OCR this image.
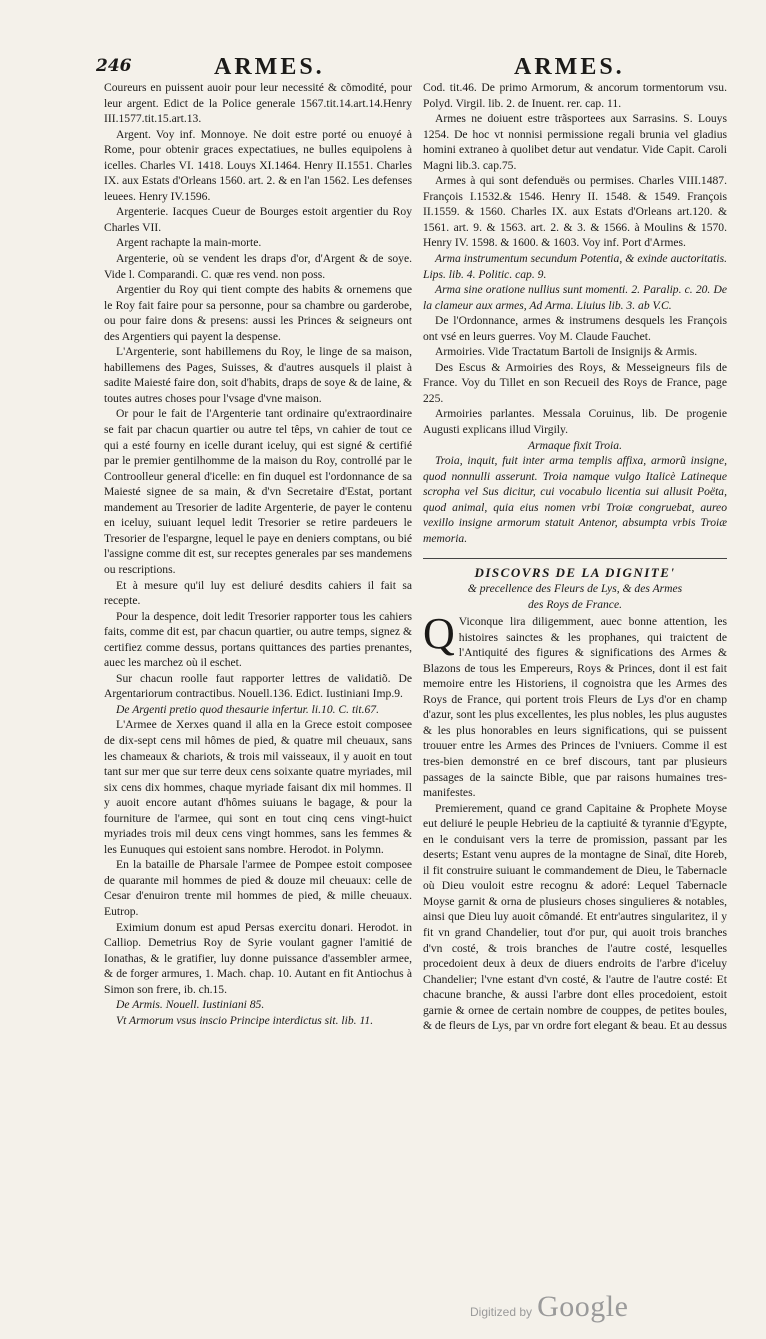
246	ARMES.	ARMES.

Coureurs en puissent auoir pour leur necessité & cõmodité, pour leur argent. Edict de la Police generale 1567.tit.14.art.14.Henry III.1577.tit.15.art.13.

Argent. Voy inf. Monnoye. Ne doit estre porté ou enuoyé à Rome, pour obtenir graces expectatiues, ne bulles equipolens à icelles. Charles VI. 1418. Louys XI.1464. Henry II.1551. Charles IX. aux Estats d'Orleans 1560. art. 2. & en l'an 1562. Les defenses leuees. Henry IV.1596.

Argenterie. Iacques Cueur de Bourges estoit argentier du Roy Charles VII.

Argent rachapte la main-morte.

Argenterie, où se vendent les draps d'or, d'Argent & de soye. Vide l. Comparandi. C. quæ res vend. non poss.

Argentier du Roy qui tient compte des habits & ornemens que le Roy fait faire pour sa personne, pour sa chambre ou garderobe, ou pour faire dons & presens: aussi les Princes & seigneurs ont des Argentiers qui payent la despense.

L'Argenterie, sont habillemens du Roy, le linge de sa maison, habillemens des Pages, Suisses, & d'autres ausquels il plaist à sadite Maiesté faire don, soit d'habits, draps de soye & de laine, & toutes autres choses pour l'vsage d'vne maison.

Or pour le fait de l'Argenterie tant ordinaire qu'extraordinaire se fait par chacun quartier ou autre tel têps, vn cahier de tout ce qui a esté fourny en icelle durant iceluy, qui est signé & certifié par le premier gentilhomme de la maison du Roy, controllé par le Controolleur general d'icelle: en fin duquel est l'ordonnance de sa Maiesté signee de sa main, & d'vn Secretaire d'Estat, portant mandement au Tresorier de ladite Argenterie, de payer le contenu en iceluy, suiuant lequel ledit Tresorier se retire pardeuers le Tresorier de l'espargne, lequel le paye en deniers comptans, ou bié l'assigne comme dit est, sur receptes generales par ses mandemens ou rescriptions.

Et à mesure qu'il luy est deliuré desdits cahiers il fait sa recepte.

Pour la despence, doit ledit Tresorier rapporter tous les cahiers faits, comme dit est, par chacun quartier, ou autre temps, signez & certifiez comme dessus, portans quittances des parties prenantes, auec les marchez où il eschet.

Sur chacun roolle faut rapporter lettres de validatiõ. De Argentariorum contractibus. Nouell.136. Edict. Iustiniani Imp.9.

De Argenti pretio quod thesaurie infertur. li.10. C. tit.67.

L'Armee de Xerxes quand il alla en la Grece estoit composee de dix-sept cens mil hômes de pied, & quatre mil cheuaux, sans les chameaux & chariots, & trois mil vaisseaux, il y auoit en tout tant sur mer que sur terre deux cens soixante quatre myriades, mil six cens dix hommes, chaque myriade faisant dix mil hommes. Il y auoit encore autant d'hômes suiuans le bagage, & pour la fourniture de l'armee, qui sont en tout cinq cens vingt-huict myriades trois mil deux cens vingt hommes, sans les femmes & les Eunuques qui estoient sans nombre. Herodot. in Polymn.

En la bataille de Pharsale l'armee de Pompee estoit composee de quarante mil hommes de pied & douze mil cheuaux: celle de Cesar d'enuiron trente mil hommes de pied, & mille cheuaux. Eutrop.

Eximium donum est apud Persas exercitu donari. Herodot. in Calliop. Demetrius Roy de Syrie voulant gagner l'amitié de Ionathas, & le gratifier, luy donne puissance d'assembler armee, & de forger armures, 1. Mach. chap. 10. Autant en fit Antiochus à Simon son frere, ib. ch.15.

De Armis. Nouell. Iustiniani 85.

Vt Armorum vsus inscio Principe interdictus sit. lib. 11.

Cod. tit.46. De primo Armorum, & ancorum tormentorum vsu. Polyd. Virgil. lib. 2. de Inuent. rer. cap. 11.

Armes ne doiuent estre trãsportees aux Sarrasins. S. Louys 1254. De hoc vt nonnisi permissione regali brunia vel gladius homini extraneo à quolibet detur aut vendatur. Vide Capit. Caroli Magni lib.3. cap.75.

Armes à qui sont defenduës ou permises. Charles VIII.1487. François I.1532.& 1546. Henry II. 1548. & 1549. François II.1559. & 1560. Charles IX. aux Estats d'Orleans art.120. & 1561. art. 9. & 1563. art. 2. & 3. & 1566. à Moulins & 1570. Henry IV. 1598. & 1600. & 1603. Voy inf. Port d'Armes.

Arma instrumentum secundum Potentia, & exinde auctoritatis. Lips. lib. 4. Politic. cap. 9.

Arma sine oratione nullius sunt momenti. 2. Paralip. c. 20. De la clameur aux armes, Ad Arma. Liuius lib. 3. ab V.C.

De l'Ordonnance, armes & instrumens desquels les François ont vsé en leurs guerres. Voy M. Claude Fauchet.

Armoiries. Vide Tractatum Bartoli de Insignijs & Armis.

Des Escus & Armoiries des Roys, & Messeigneurs fils de France. Voy du Tillet en son Recueil des Roys de France, page 225.

Armoiries parlantes. Messala Coruinus, lib. De progenie Augusti explicans illud Virgily.

Armaque fixit Troia.

Troia, inquit, fuit inter arma templis affixa, armorũ insigne, quod nonnulli asserunt. Troia namque vulgo Italicè Latineque scropha vel Sus dicitur, cui vocabulo licentia sui allusit Poëta, quod animal, quia eius nomen vrbi Troiæ congruebat, aureo vexillo insigne armorum statuit Antenor, absumpta vrbis Troiæ memoria.

DISCOVRS DE LA DIGNITE'
& precellence des Fleurs de Lys, & des Armes
des Roys de France.

Q Viconque lira diligemment, auec bonne attention, les histoires sainctes & les prophanes, qui traictent de l'Antiquité des figures & significations des Armes & Blazons de tous les Empereurs, Roys & Princes, dont il est fait memoire entre les Historiens, il cognoistra que les Armes des Roys de France, qui portent trois Fleurs de Lys d'or en champ d'azur, sont les plus excellentes, les plus nobles, les plus augustes & les plus honorables en leurs significations, qui se puissent trouuer entre les Armes des Princes de l'vniuers. Comme il est tres-bien demonstré en ce bref discours, tant par plusieurs passages de la saincte Bible, que par raisons humaines tres-manifestes.

Premierement, quand ce grand Capitaine & Prophete Moyse eut deliuré le peuple Hebrieu de la captiuité & tyrannie d'Egypte, en le conduisant vers la terre de promission, passant par les deserts; Estant venu aupres de la montagne de Sinaï, dite Horeb, il fit construire suiuant le commandement de Dieu, le Tabernacle où Dieu vouloit estre recognu & adoré: Lequel Tabernacle Moyse garnit & orna de plusieurs choses singulieres & notables, ainsi que Dieu luy auoit cômandé. Et entr'autres singularitez, il y fit vn grand Chandelier, tout d'or pur, qui auoit trois branches d'vn costé, & trois branches de l'autre costé, lesquelles procedoient deux à deux de diuers endroits de l'arbre d'iceluy Chandelier; l'vne estant d'vn costé, & l'autre de l'autre costé: Et chacune branche, & aussi l'arbre dont elles procedoient, estoit garnie & ornee de certain nombre de couppes, de petites boules, & de fleurs de Lys, par vn ordre fort elegant & beau. Et au dessus

Digitized by Google
